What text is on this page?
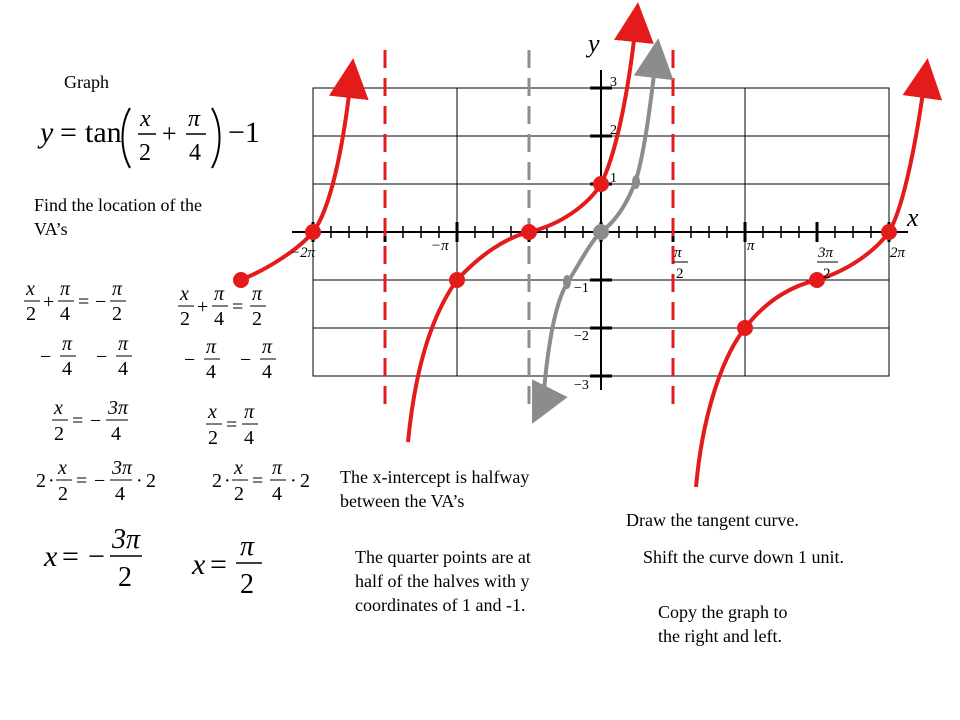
y
x
3
2
1
−1
−2
−3
−2π	−π	π
2
π	3π
2
2π
y = tan x
2
+ π
4
−1
x
2
+
π
4
= −
π
2
−
π
4
−
π
4
x
2
= −
3π
4
2 ·
x
2
= −
3π
4
· 2
x = −
3π
2
x
2
+
π
4
=
π
2
−
π
4
−
π
4
x
2
=
π
4
2 ·
x
2
=
π
4
· 2
x =
π
2
Graph
Find the location of the VA’s
The x-intercept is halfway
between the VA’s
The quarter points are at
half of the halves with y
coordinates of 1 and -1.
Draw the tangent curve.
Shift the curve down 1 unit.
Copy the graph to
the right and left.
